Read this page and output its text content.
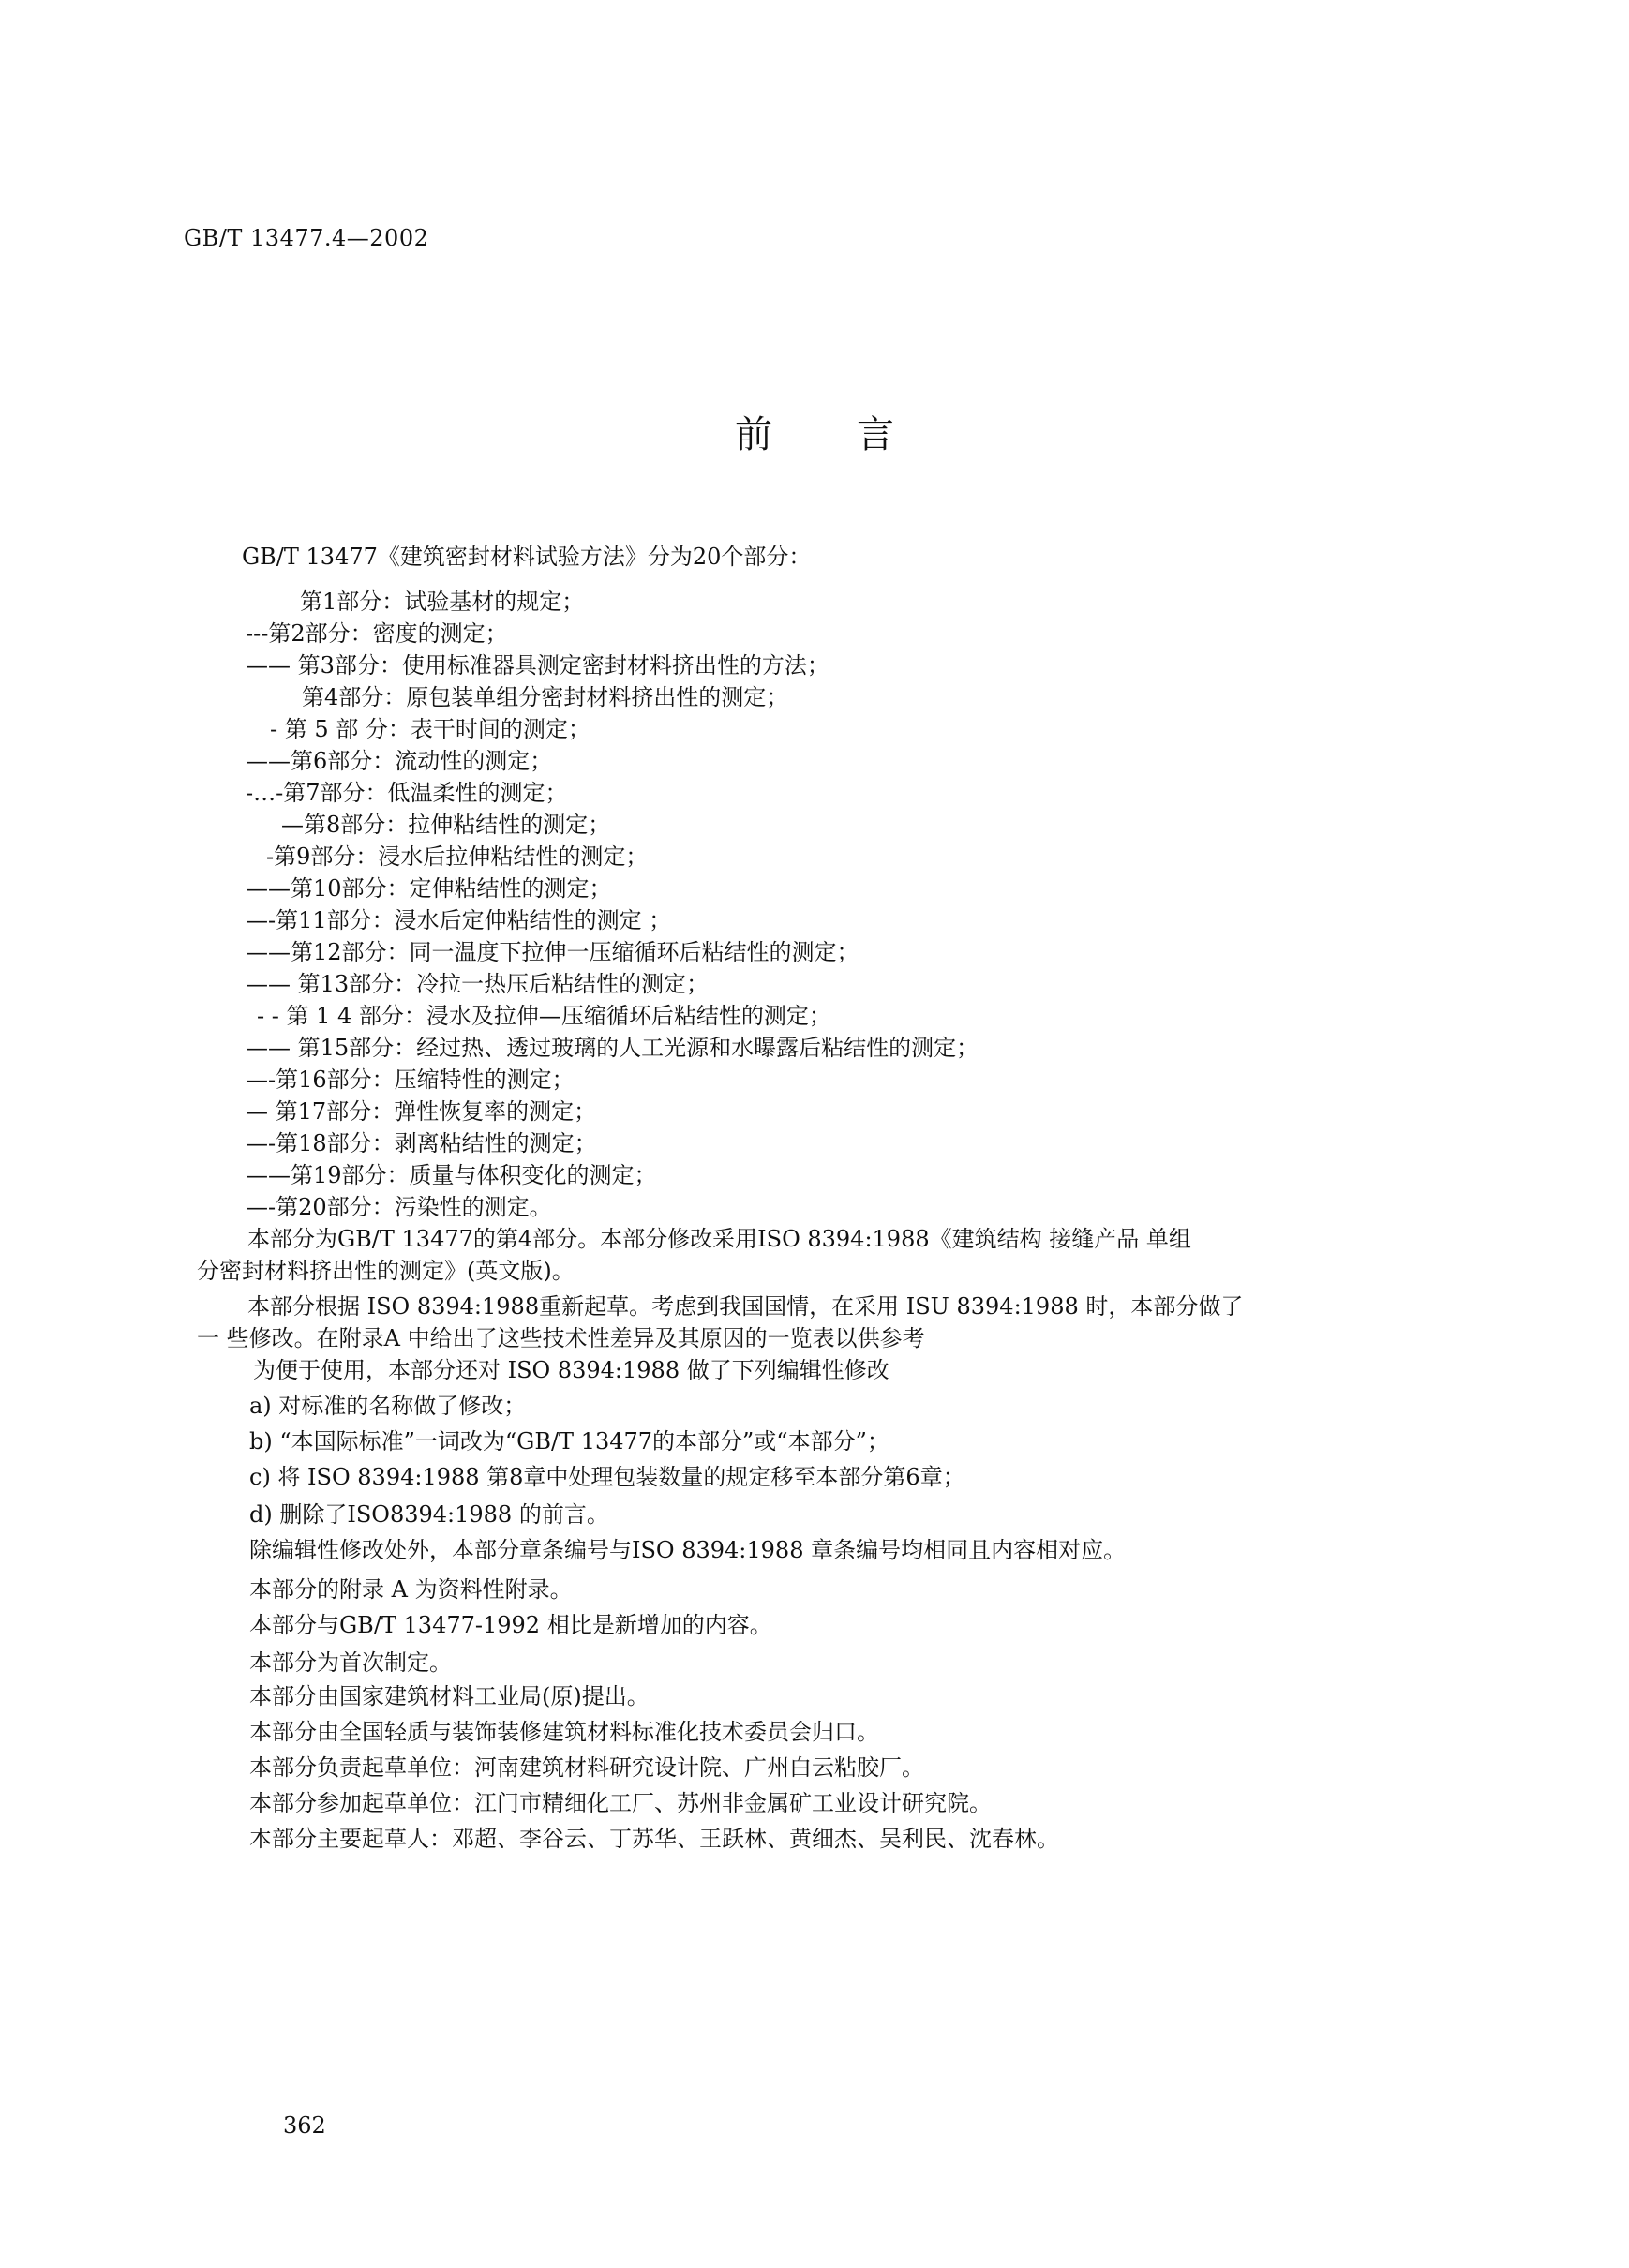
GB/T 13477.4—2002
前言
GB/T 13477《建筑密封材料试验方法》分为20个部分：
第1部分：试验基材的规定；
---第2部分：密度的测定；
—— 第3部分：使用标准器具测定密封材料挤出性的方法；
第4部分：原包装单组分密封材料挤出性的测定；
- 第 5 部 分：表干时间的测定；
——第6部分：流动性的测定；
-…-第7部分：低温柔性的测定；
—第8部分：拉伸粘结性的测定；
-第9部分：浸水后拉伸粘结性的测定；
——第10部分：定伸粘结性的测定；
—-第11部分：浸水后定伸粘结性的测定 ；
——第12部分：同一温度下拉伸一压缩循环后粘结性的测定；
—— 第13部分：冷拉一热压后粘结性的测定；
- - 第 1 4 部分：浸水及拉伸—压缩循环后粘结性的测定；
—— 第15部分：经过热、透过玻璃的人工光源和水曝露后粘结性的测定；
—-第16部分：压缩特性的测定；
— 第17部分：弹性恢复率的测定；
—-第18部分：剥离粘结性的测定；
——第19部分：质量与体积变化的测定；
—-第20部分：污染性的测定。
本部分为GB/T 13477的第4部分。本部分修改采用ISO 8394:1988《建筑结构 接缝产品 单组
分密封材料挤出性的测定》(英文版)。
本部分根据 ISO 8394:1988重新起草。考虑到我国国情，在采用 ISU 8394:1988 时，本部分做了
一 些修改。在附录A 中给出了这些技术性差异及其原因的一览表以供参考
为便于使用，本部分还对 ISO 8394:1988 做了下列编辑性修改
a) 对标准的名称做了修改；
b) “本国际标准”一词改为“GB/T 13477的本部分”或“本部分”；
c) 将 ISO 8394:1988 第8章中处理包装数量的规定移至本部分第6章；
d) 删除了ISO8394:1988 的前言。
除编辑性修改处外，本部分章条编号与ISO 8394:1988 章条编号均相同且内容相对应。
本部分的附录 A 为资料性附录。
本部分与GB/T 13477-1992 相比是新增加的内容。
本部分为首次制定。
本部分由国家建筑材料工业局(原)提出。
本部分由全国轻质与装饰装修建筑材料标准化技术委员会归口。
本部分负责起草单位：河南建筑材料研究设计院、广州白云粘胶厂。
本部分参加起草单位：江门市精细化工厂、苏州非金属矿工业设计研究院。
本部分主要起草人：邓超、李谷云、丁苏华、王跃林、黄细杰、吴利民、沈春林。
362
